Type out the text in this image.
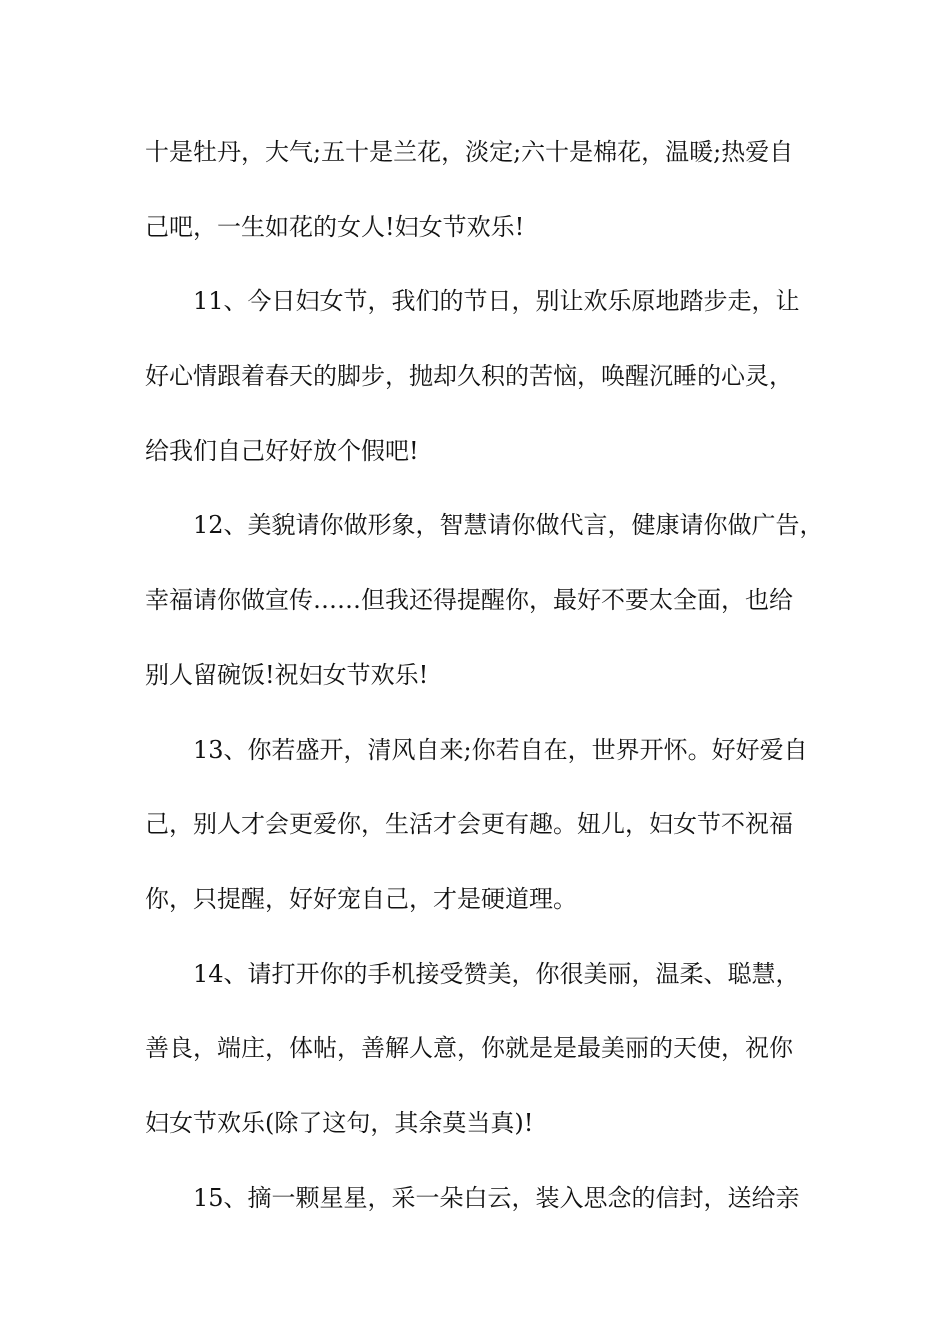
十是牡丹，大气;五十是兰花，淡定;六十是棉花，温暖;热爱自
己吧，一生如花的女人!妇女节欢乐!
11、今日妇女节，我们的节日，别让欢乐原地踏步走，让
好心情跟着春天的脚步，抛却久积的苦恼，唤醒沉睡的心灵，
给我们自己好好放个假吧!
12、美貌请你做形象，智慧请你做代言，健康请你做广告，
幸福请你做宣传……但我还得提醒你，最好不要太全面，也给
别人留碗饭!祝妇女节欢乐!
13、你若盛开，清风自来;你若自在，世界开怀。好好爱自
己，别人才会更爱你，生活才会更有趣。妞儿，妇女节不祝福
你，只提醒，好好宠自己，才是硬道理。
14、请打开你的手机接受赞美，你很美丽，温柔、聪慧，
善良，端庄，体帖，善解人意，你就是是最美丽的天使，祝你
妇女节欢乐(除了这句，其余莫当真)!
15、摘一颗星星，采一朵白云，装入思念的信封，送给亲
